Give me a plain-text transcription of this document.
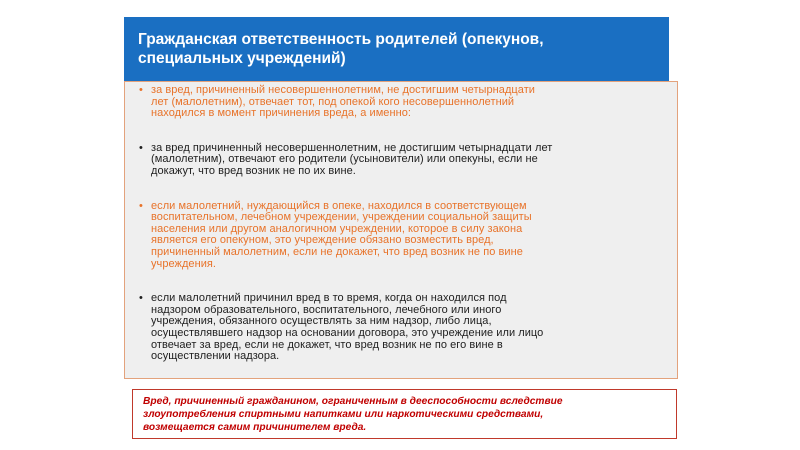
Гражданская ответственность родителей (опекунов,
специальных учреждений)

• за вред, причиненный несовершеннолетним, не достигшим четырнадцати
лет (малолетним), отвечает тот, под опекой кого несовершеннолетний
находился в момент причинения вреда, а именно:
• за вред причиненный несовершеннолетним, не достигшим четырнадцати лет
(малолетним), отвечают его родители (усыновители) или опекуны, если не
докажут, что вред возник не по их вине.
• если малолетний, нуждающийся в опеке, находился в соответствующем
воспитательном, лечебном учреждении, учреждении социальной защиты
населения или другом аналогичном учреждении, которое в силу закона
является его опекуном, это учреждение обязано возместить вред,
причиненный малолетним, если не докажет, что вред возник не по вине
учреждения.
• если малолетний причинил вред в то время, когда он находился под
надзором образовательного, воспитательного, лечебного или иного
учреждения, обязанного осуществлять за ним надзор, либо лица,
осуществлявшего надзор на основании договора, это учреждение или лицо
отвечает за вред, если не докажет, что вред возник не по его вине в
осуществлении надзора.

Вред, причиненный гражданином, ограниченным в дееспособности вследствие
злоупотребления спиртными напитками или наркотическими средствами,
возмещается самим причинителем вреда.
